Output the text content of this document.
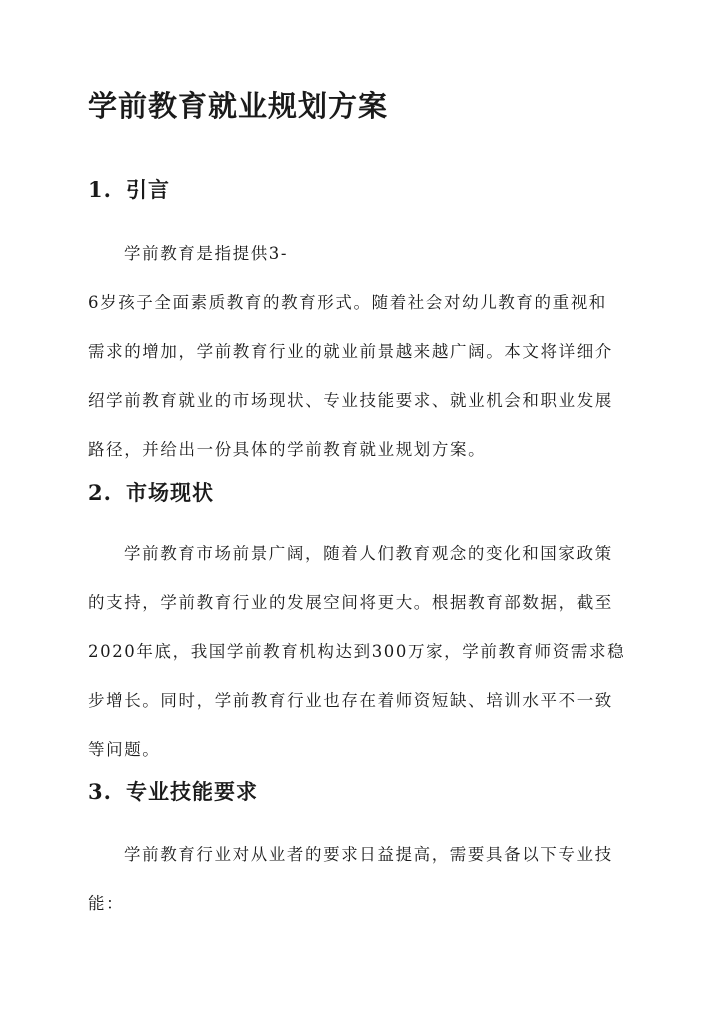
学前教育就业规划方案
1. 引言
学前教育是指提供3-
6岁孩子全面素质教育的教育形式。随着社会对幼儿教育的重视和
需求的增加，学前教育行业的就业前景越来越广阔。本文将详细介
绍学前教育就业的市场现状、专业技能要求、就业机会和职业发展
路径，并给出一份具体的学前教育就业规划方案。
2. 市场现状
学前教育市场前景广阔，随着人们教育观念的变化和国家政策
的支持，学前教育行业的发展空间将更大。根据教育部数据，截至
2020年底，我国学前教育机构达到300万家，学前教育师资需求稳
步增长。同时，学前教育行业也存在着师资短缺、培训水平不一致
等问题。
3. 专业技能要求
学前教育行业对从业者的要求日益提高，需要具备以下专业技
能：
